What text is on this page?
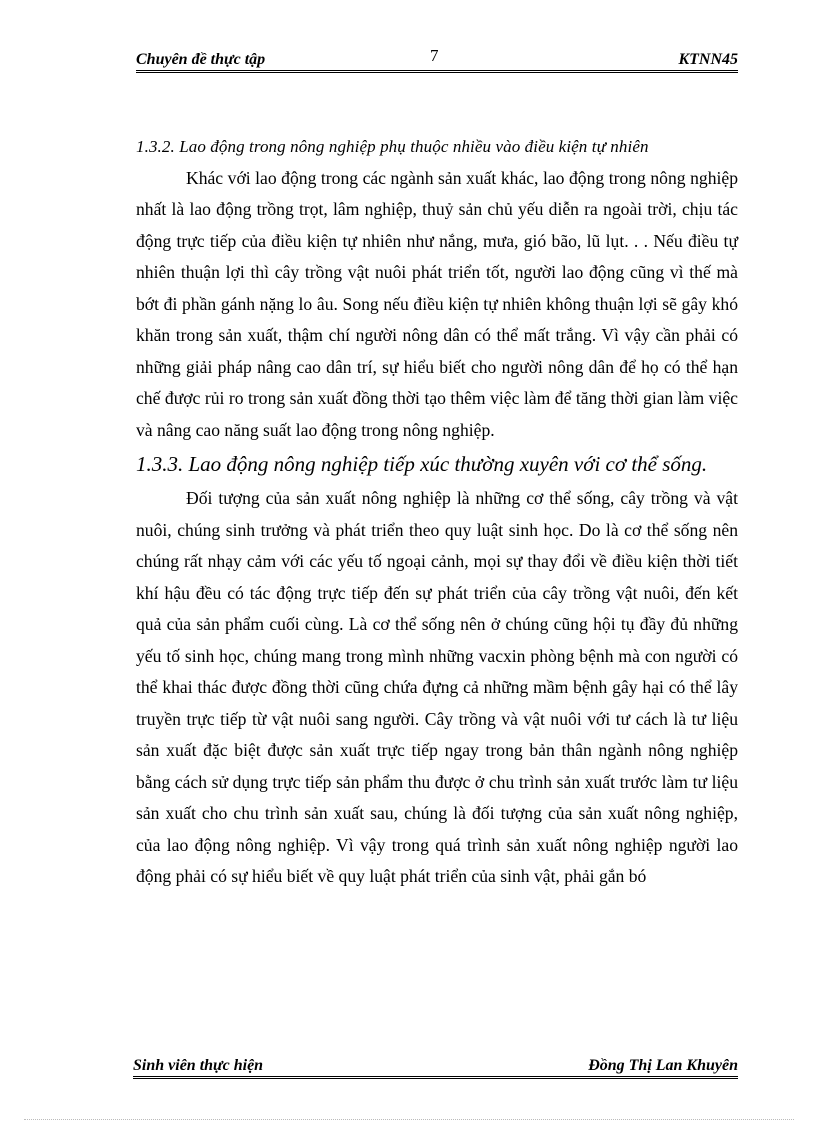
Chuyên đề thực tập	7	KTNN45

1.3.2. Lao động trong nông nghiệp phụ thuộc nhiều vào điều kiện tự nhiên

Khác với lao động trong các ngành sản xuất khác, lao động trong nông nghiệp nhất là lao động trồng trọt, lâm nghiệp, thuỷ sản chủ yếu diễn ra ngoài trời, chịu tác động trực tiếp của điều kiện tự nhiên như nắng, mưa, gió bão, lũ lụt. . . Nếu điều tự nhiên thuận lợi thì cây trồng vật nuôi phát triển tốt, người lao động cũng vì thế mà bớt đi phần gánh nặng lo âu. Song nếu điều kiện tự nhiên không thuận lợi sẽ gây khó khăn trong sản xuất, thậm chí người nông dân có thể mất trắng. Vì vậy cần phải có những giải pháp nâng cao dân trí, sự hiểu biết cho người nông dân để họ có thể hạn chế được rủi ro trong sản xuất đồng thời tạo thêm việc làm để tăng thời gian làm việc và nâng cao năng suất lao động trong nông nghiệp.

1.3.3. Lao động nông nghiệp tiếp xúc thường xuyên với cơ thể sống.

Đối tượng của sản xuất nông nghiệp là những cơ thể sống, cây trồng và vật nuôi, chúng sinh trưởng và phát triển theo quy luật sinh học. Do là cơ thể sống nên chúng rất nhạy cảm với các yếu tố ngoại cảnh, mọi sự thay đổi về điều kiện thời tiết khí hậu đều có tác động trực tiếp đến sự phát triển của cây trồng vật nuôi, đến kết quả của sản phẩm cuối cùng. Là cơ thể sống nên ở chúng cũng hội tụ đầy đủ những yếu tố sinh học, chúng mang trong mình những vacxin phòng bệnh mà con người có thể khai thác được đồng thời cũng chứa đựng cả những mầm bệnh gây hại có thể lây truyền trực tiếp từ vật nuôi sang người. Cây trồng và vật nuôi với tư cách là tư liệu sản xuất đặc biệt được sản xuất trực tiếp ngay trong bản thân ngành nông nghiệp bằng cách sử dụng trực tiếp sản phẩm thu được ở chu trình sản xuất trước làm tư liệu sản xuất cho chu trình sản xuất sau, chúng là đối tượng của sản xuất nông nghiệp, của lao động nông nghiệp. Vì vậy trong quá trình sản xuất nông nghiệp người lao động phải có sự hiểu biết về quy luật phát triển của sinh vật, phải gắn bó

Sinh viên thực hiện	Đồng Thị Lan Khuyên
